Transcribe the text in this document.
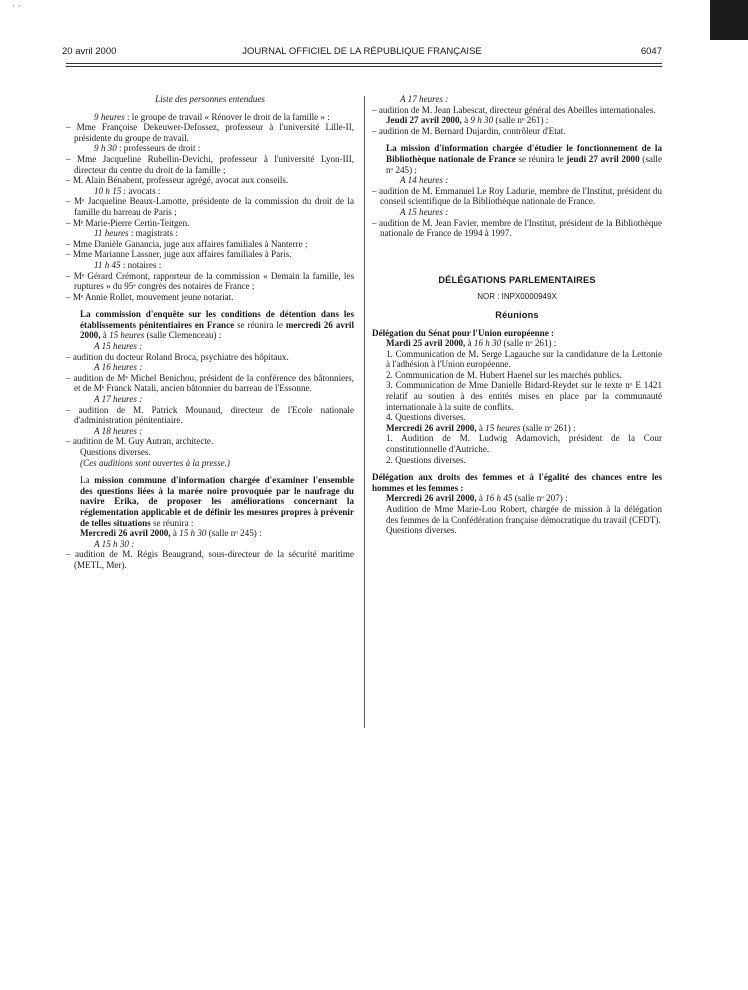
· ·
20 avril 2000	JOURNAL OFFICIEL DE LA RÉPUBLIQUE FRANÇAISE	6047

Liste des personnes entendues

9 heures : le groupe de travail « Rénover le droit de la famille » :

– Mme Françoise Dekeuwer-Defossez, professeur à l'université Lille-II, présidente du groupe de travail.

9 h 30 : professeurs de droit :

– Mme Jacqueline Rubellin-Devichi, professeur à l'université Lyon-III, directeur du centre du droit de la famille ;

– M. Alain Bénabent, professeur agrégé, avocat aux conseils.

10 h 15 : avocats :

– Mᵉ Jacqueline Beaux-Lamotte, présidente de la commission du droit de la famille du barreau de Paris ;

– Mᵉ Marie-Pierre Certin-Teitgen.

11 heures : magistrats :

– Mme Danièle Ganancia, juge aux affaires familiales à Nanterre ;

– Mme Marianne Lassner, juge aux affaires familiales à Paris.

11 h 45 : notaires :

– Mᵉ Gérard Crémont, rapporteur de la commission « Demain la famille, les ruptures » du 95ᵉ congrès des notaires de France ;

– Mᵉ Annie Rollet, mouvement jeune notariat.

La commission d'enquête sur les conditions de détention dans les établissements pénitentiaires en France se réunira le mercredi 26 avril 2000, à 15 heures (salle Clemenceau) :

A 15 heures :

– audition du docteur Roland Broca, psychiatre des hôpitaux.

A 16 heures :

– audition de Mᵉ Michel Benichou, président de la conférence des bâtonniers, et de Mᵉ Franck Natali, ancien bâtonnier du barreau de l'Essonne.

A 17 heures :

– audition de M. Patrick Mounaud, directeur de l'Ecole nationale d'administration pénitentiaire.

A 18 heures :

– audition de M. Guy Autran, architecte.

Questions diverses.

(Ces auditions sont ouvertes à la presse.)

La mission commune d'information chargée d'examiner l'ensemble des questions liées à la marée noire provoquée par le naufrage du navire Erika, de proposer les améliorations concernant la réglementation applicable et de définir les mesures propres à prévenir de telles situations se réunira :

Mercredi 26 avril 2000, à 15 h 30 (salle nᵒ 245) :

A 15 h 30 :

– audition de M. Régis Beaugrand, sous-directeur de la sécurité maritime (METL, Mer).

A 17 heures :

– audition de M. Jean Labescat, directeur général des Abeilles internationales.

Jeudi 27 avril 2000, à 9 h 30 (salle nᵒ 261) :

– audition de M. Bernard Dujardin, contrôleur d'Etat.

La mission d'information chargée d'étudier le fonctionnement de la Bibliothèque nationale de France se réunira le jeudi 27 avril 2000 (salle nᵒ 245) :

A 14 heures :

– audition de M. Emmanuel Le Roy Ladurie, membre de l'Institut, président du conseil scientifique de la Bibliothèque nationale de France.

A 15 heures :

– audition de M. Jean Favier, membre de l'Institut, président de la Bibliothèque nationale de France de 1994 à 1997.

DÉLÉGATIONS PARLEMENTAIRES

NOR : INPX0000949X

Réunions

Délégation du Sénat pour l'Union européenne :

Mardi 25 avril 2000, à 16 h 30 (salle nᵒ 261) :

1. Communication de M. Serge Lagauche sur la candidature de la Lettonie à l'adhésion à l'Union européenne.

2. Communication de M. Hubert Haenel sur les marchés publics.

3. Communication de Mme Danielle Bidard-Reydet sur le texte nᵒ E 1421 relatif au soutien à des entités mises en place par la communauté internationale à la suite de conflits.

4. Questions diverses.

Mercredi 26 avril 2000, à 15 heures (salle nᵒ 261) :

1. Audition de M. Ludwig Adamovich, président de la Cour constitutionnelle d'Autriche.

2. Questions diverses.

Délégation aux droits des femmes et à l'égalité des chances entre les hommes et les femmes :

Mercredi 26 avril 2000, à 16 h 45 (salle nᵒ 207) :

Audition de Mme Marie-Lou Robert, chargée de mission à la délégation des femmes de la Confédération française démocratique du travail (CFDT).

Questions diverses.
